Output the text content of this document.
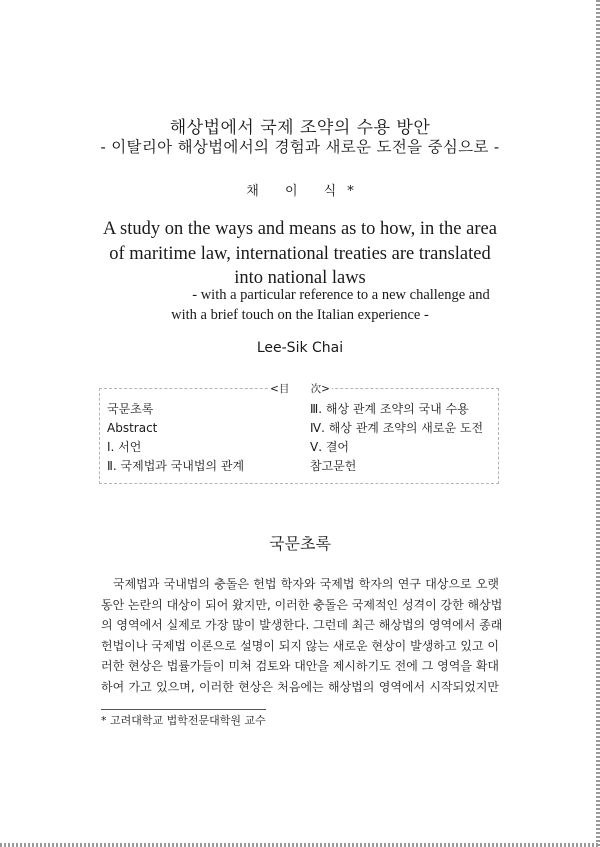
해상법에서 국제 조약의 수용 방안
- 이탈리아 해상법에서의 경험과 새로운 도전을 중심으로 -
채 이 식*
A study on the ways and means as to how, in the area
of maritime law, international treaties are translated
into national laws
- with a particular reference to a new challenge and
with a brief touch on the Italian experience -
Lee-Sik Chai
<目 次>
국문초록
Abstract
Ⅰ. 서언
Ⅱ. 국제법과 국내법의 관계
Ⅲ. 해상 관계 조약의 국내 수용
Ⅳ. 해상 관계 조약의 새로운 도전
Ⅴ. 결어
참고문헌
국문초록
국제법과 국내법의 충돌은 헌법 학자와 국제법 학자의 연구 대상으로 오랫
동안 논란의 대상이 되어 왔지만, 이러한 충돌은 국제적인 성격이 강한 해상법
의 영역에서 실제로 가장 많이 발생한다. 그런데 최근 해상법의 영역에서 종래
헌법이나 국제법 이론으로 설명이 되지 않는 새로운 현상이 발생하고 있고 이
러한 현상은 법률가들이 미쳐 검토와 대안을 제시하기도 전에 그 영역을 확대
하여 가고 있으며, 이러한 현상은 처음에는 해상법의 영역에서 시작되었지만
* 고려대학교 법학전문대학원 교수
